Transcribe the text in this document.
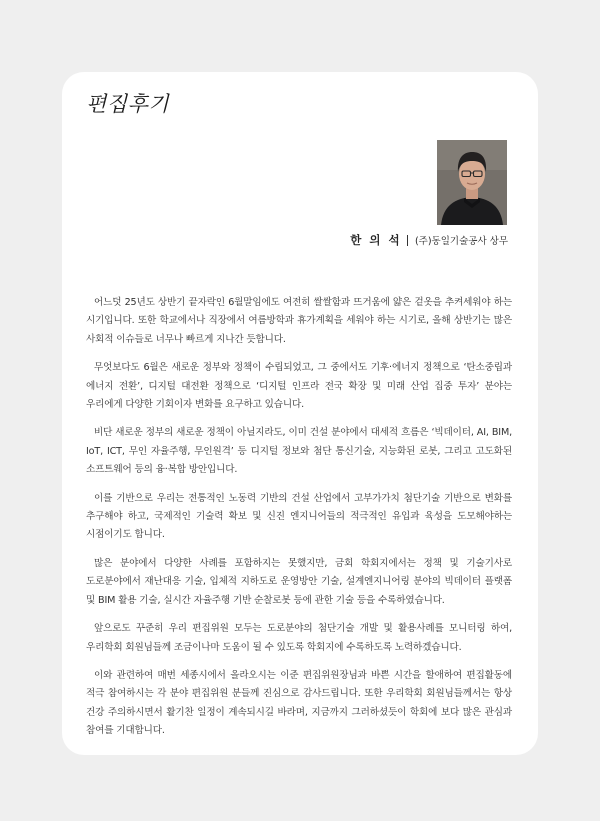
편집후기
한 의 석 (주)동일기술공사 상무

어느덧 25년도 상반기 끝자락인 6월말임에도 여전히 쌀쌀함과 뜨거움에 얇은 겉옷을 추켜세워야 하는 시기입니다. 또한 학교에서나 직장에서 여름방학과 휴가계획을 세워야 하는 시기로, 올해 상반기는 많은 사회적 이슈들로 너무나 빠르게 지나간 듯합니다.

무엇보다도 6월은 새로운 정부와 정책이 수립되었고, 그 중에서도 기후·에너지 정책으로 ‘탄소중립과 에너지 전환’, 디지털 대전환 정책으로 ‘디지털 인프라 전국 확장 및 미래 산업 집중 투자’ 분야는 우리에게 다양한 기회이자 변화를 요구하고 있습니다.

비단 새로운 정부의 새로운 정책이 아닐지라도, 이미 건설 분야에서 대세적 흐름은 ‘빅데이터, AI, BIM, IoT, ICT, 무인 자율주행, 무인원격’ 등 디지털 정보와 첨단 통신기술, 지능화된 로봇, 그리고 고도화된 소프트웨어 등의 융·복합 방안입니다.

이를 기반으로 우리는 전통적인 노동력 기반의 건설 산업에서 고부가가치 첨단기술 기반으로 변화를 추구해야 하고, 국제적인 기술력 확보 및 신진 엔지니어들의 적극적인 유입과 육성을 도모해야하는 시점이기도 합니다.

많은 분야에서 다양한 사례를 포함하지는 못했지만, 금회 학회지에서는 정책 및 기술기사로 도로분야에서 재난대응 기술, 입체적 지하도로 운영방안 기술, 설계엔지니어링 분야의 빅데이터 플랫폼 및 BIM 활용 기술, 실시간 자율주행 기반 순찰로봇 등에 관한 기술 등을 수록하였습니다.

앞으로도 꾸준히 우리 편집위원 모두는 도로분야의 첨단기술 개발 및 활용사례를 모니터링 하여, 우리학회 회원님들께 조금이나마 도움이 될 수 있도록 학회지에 수록하도록 노력하겠습니다.

이와 관련하여 매번 세종시에서 올라오시는 이준 편집위원장님과 바쁜 시간을 할애하여 편집활동에 적극 참여하시는 각 분야 편집위원 분들께 진심으로 감사드립니다. 또한 우리학회 회원님들께서는 항상 건강 주의하시면서 활기찬 일정이 계속되시길 바라며, 지금까지 그러하셨듯이 학회에 보다 많은 관심과 참여를 기대합니다.
